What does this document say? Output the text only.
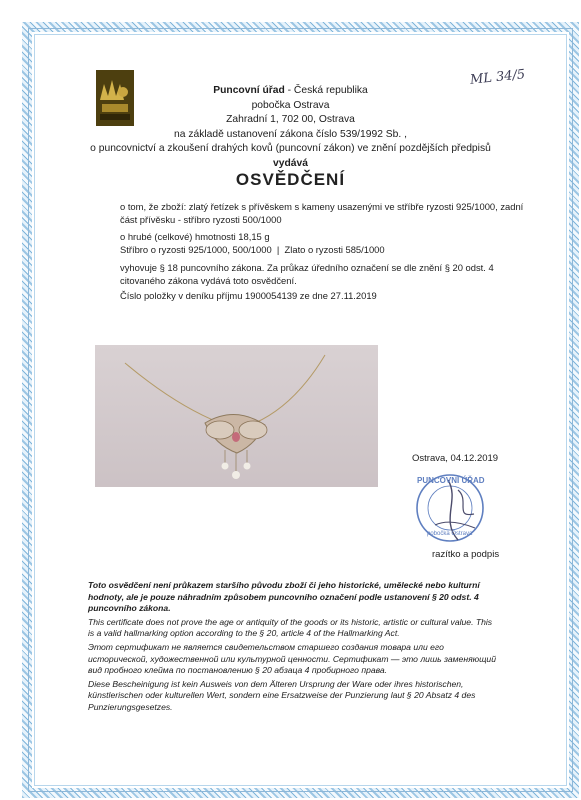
ML 34/5
Puncovní úřad - Česká republika
pobočka Ostrava
Zahradní 1, 702 00, Ostrava
na základě ustanovení zákona číslo 539/1992 Sb. ,
o puncovnictví a zkoušení drahých kovů (puncovní zákon) ve znění pozdějších předpisů
vydává
OSVĚDČENÍ
o tom, že zboží: zlatý řetízek s přívěskem s kameny usazenými ve stříbře ryzosti 925/1000, zadní
část přívěsku - stříbro ryzosti 500/1000
o hrubé (celkové) hmotnosti 18,15 g
Stříbro o ryzosti 925/1000, 500/1000 | Zlato o ryzosti 585/1000
vyhovuje § 18 puncovního zákona. Za průkaz úředního označení se dle znění § 20 odst. 4
citovaného zákona vydává toto osvědčení.
Číslo položky v deníku příjmu 1900054139 ze dne 27.11.2019
Ostrava, 04.12.2019
PUNCOVNÍ ÚŘAD
pobočka Ostrava
razítko a podpis
Toto osvědčení není průkazem staršího původu zboží či jeho historické, umělecké nebo kulturní hodnoty, ale je pouze náhradním způsobem puncovního označení podle ustanovení § 20 odst. 4 puncovního zákona.
This certificate does not prove the age or antiquity of the goods or its historic, artistic or cultural value. This is a valid hallmarking option according to the § 20, article 4 of the Hallmarking Act.
Этот сертификат не является свидетельством старшего создания товара или его исторической, художественной или культурной ценности. Сертификат — это лишь заменяющий вид пробного клейма по постановлению § 20 абзаца 4 пробирного права.
Diese Bescheinigung ist kein Ausweis von dem Älteren Ursprung der Ware oder ihres historischen, künstlerischen oder kulturellen Wert, sondern eine Ersatzweise der Punzierung laut § 20 Absatz 4 des Punzierungsgesetzes.
